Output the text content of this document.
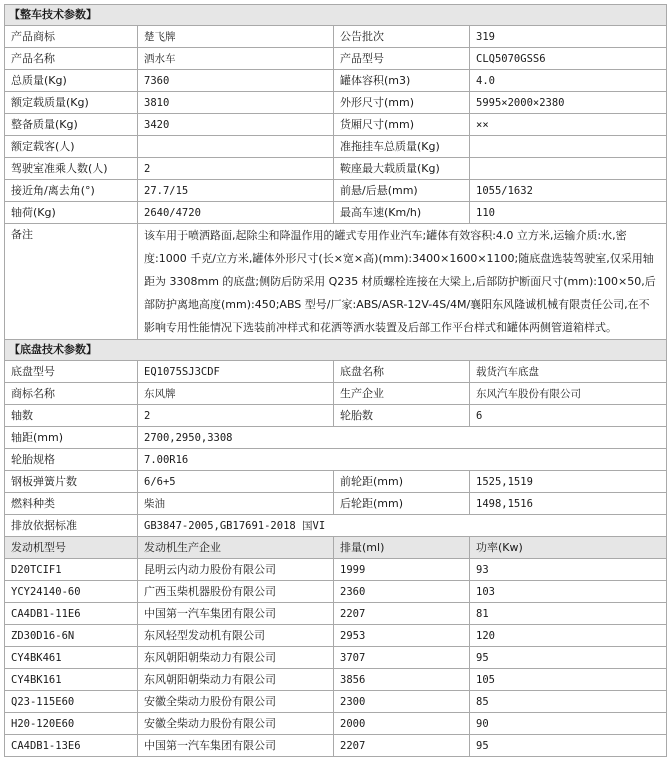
【整车技术参数】			
产品商标	楚飞牌	公告批次	319
产品名称	洒水车	产品型号	CLQ5070GSS6
总质量(Kg)	7360	罐体容积(m3)	4.0
额定载质量(Kg)	3810	外形尺寸(mm)	5995×2000×2380
整备质量(Kg)	3420	货厢尺寸(mm)	××
额定载客(人)		准拖挂车总质量(Kg)	
驾驶室准乘人数(人)	2	鞍座最大载质量(Kg)	
接近角/离去角(°)	27.7/15	前悬/后悬(mm)	1055/1632
轴荷(Kg)	2640/4720	最高车速(Km/h)	110
备注	该车用于喷洒路面,起除尘和降温作用的罐式专用作业汽车;罐体有效容积:4.0 立方米,运输介质:水,密度:1000 千克/立方米,罐体外形尺寸(长×宽×高)(mm):3400×1600×1100;随底盘选装驾驶室,仅采用轴距为 3308mm 的底盘;侧防后防采用 Q235 材质螺栓连接在大梁上,后部防护断面尺寸(mm):100×50,后部防护离地高度(mm):450;ABS 型号/厂家:ABS/ASR-12V-4S/4M/襄阳东风隆诚机械有限责任公司,在不影响专用性能情况下选装前冲样式和花洒等洒水装置及后部工作平台样式和罐体两侧管道箱样式。		
【底盘技术参数】			
底盘型号	EQ1075SJ3CDF	底盘名称	载货汽车底盘
商标名称	东风牌	生产企业	东风汽车股份有限公司
轴数	2	轮胎数	6
轴距(mm)	2700,2950,3308		
轮胎规格	7.00R16		
钢板弹簧片数	6/6+5	前轮距(mm)	1525,1519
燃料种类	柴油	后轮距(mm)	1498,1516
排放依据标准	GB3847-2005,GB17691-2018 国VI		
发动机型号	发动机生产企业	排量(ml)	功率(Kw)
D20TCIF1	昆明云内动力股份有限公司	1999	93
YCY24140-60	广西玉柴机器股份有限公司	2360	103
CA4DB1-11E6	中国第一汽车集团有限公司	2207	81
ZD30D16-6N	东风轻型发动机有限公司	2953	120
CY4BK461	东风朝阳朝柴动力有限公司	3707	95
CY4BK161	东风朝阳朝柴动力有限公司	3856	105
Q23-115E60	安徽全柴动力股份有限公司	2300	85
H20-120E60	安徽全柴动力股份有限公司	2000	90
CA4DB1-13E6	中国第一汽车集团有限公司	2207	95
